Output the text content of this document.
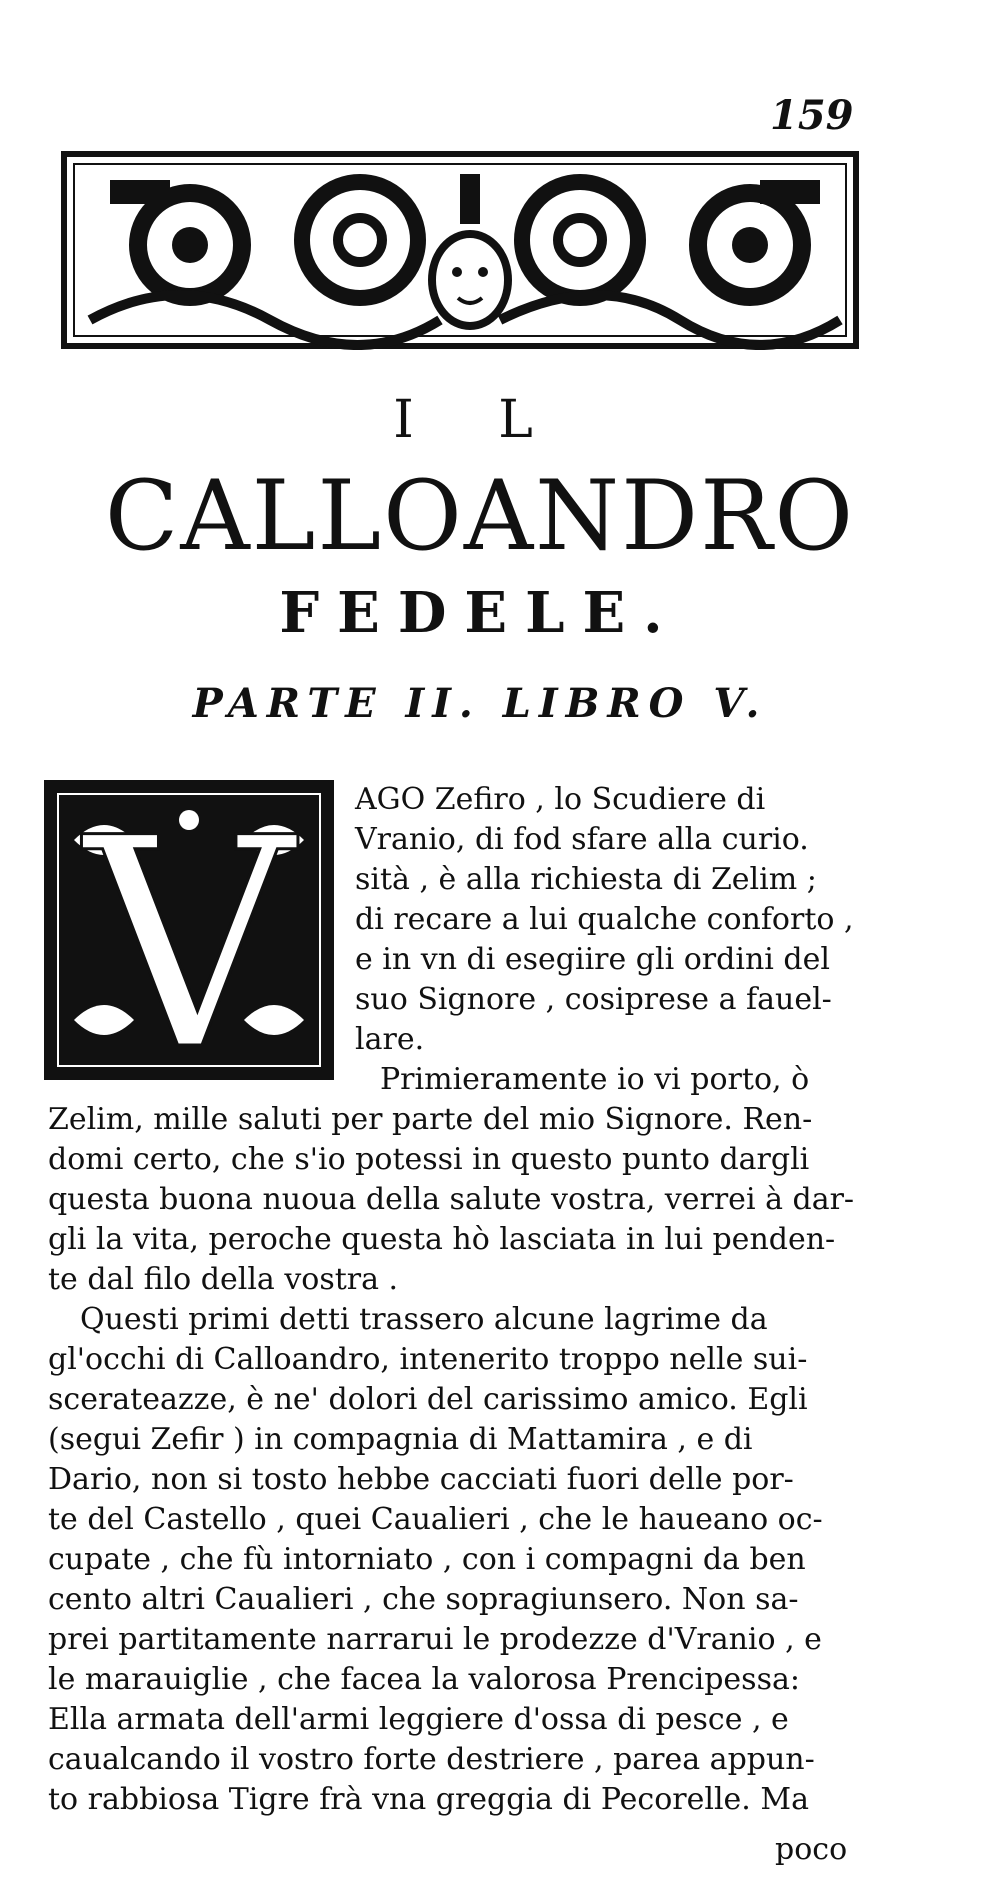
159
I L
CALLOANDRO
FEDELE.
PARTE II. LIBRO V.
V AGO Zefiro , lo Scudiere di
Vranio, di fod sfare alla curio.
sità , è alla richiesta di Zelim ;
di recare a lui qualche conforto ,
e in vn di esegiire gli ordini del
suo Signore , cosiprese a fauel-
lare.
Primieramente io vi porto, ò
Zelim, mille saluti per parte del mio Signore. Ren-
domi certo, che s'io potessi in questo punto dargli
questa buona nuoua della salute vostra, verrei à dar-
gli la vita, peroche questa hò lasciata in lui penden-
te dal filo della vostra .
Questi primi detti trassero alcune lagrime da
gl'occhi di Calloandro, intenerito troppo nelle sui-
scerateazze, è ne' dolori del carissimo amico. Egli
(segui Zefir ) in compagnia di Mattamira , e di
Dario, non si tosto hebbe cacciati fuori delle por-
te del Castello , quei Caualieri , che le haueano oc-
cupate , che fù intorniato , con i compagni da ben
cento altri Caualieri , che sopragiunsero. Non sa-
prei partitamente narrarui le prodezze d'Vranio , e
le marauiglie , che facea la valorosa Prencipessa:
Ella armata dell'armi leggiere d'ossa di pesce , e
caualcando il vostro forte destriere , parea appun-
to rabbiosa Tigre frà vna greggia di Pecorelle. Ma
poco
